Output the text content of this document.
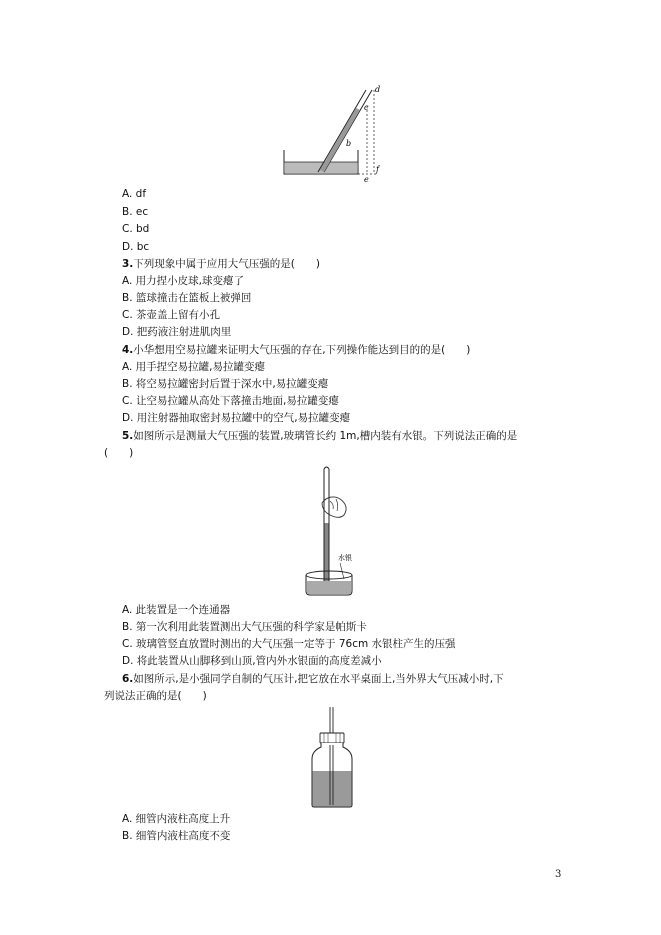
d
c
b
f
e
A. df
B. ec
C. bd
D. bc
3.下列现象中属于应用大气压强的是(　　)
A. 用力捏小皮球,球变瘪了
B. 篮球撞击在篮板上被弹回
C. 茶壶盖上留有小孔
D. 把药液注射进肌肉里
4.小华想用空易拉罐来证明大气压强的存在,下列操作能达到目的的是(　　)
A. 用手捏空易拉罐,易拉罐变瘪
B. 将空易拉罐密封后置于深水中,易拉罐变瘪
C. 让空易拉罐从高处下落撞击地面,易拉罐变瘪
D. 用注射器抽取密封易拉罐中的空气,易拉罐变瘪
5.如图所示是测量大气压强的装置,玻璃管长约 1m,槽内装有水银。下列说法正确的是
(　　)
水银
A. 此装置是一个连通器
B. 第一次利用此装置测出大气压强的科学家是帕斯卡
C. 玻璃管竖直放置时测出的大气压强一定等于 76cm 水银柱产生的压强
D. 将此装置从山脚移到山顶,管内外水银面的高度差减小
6.如图所示,是小强同学自制的气压计,把它放在水平桌面上,当外界大气压减小时,下
列说法正确的是(　　)
A. 细管内液柱高度上升
B. 细管内液柱高度不变
3
